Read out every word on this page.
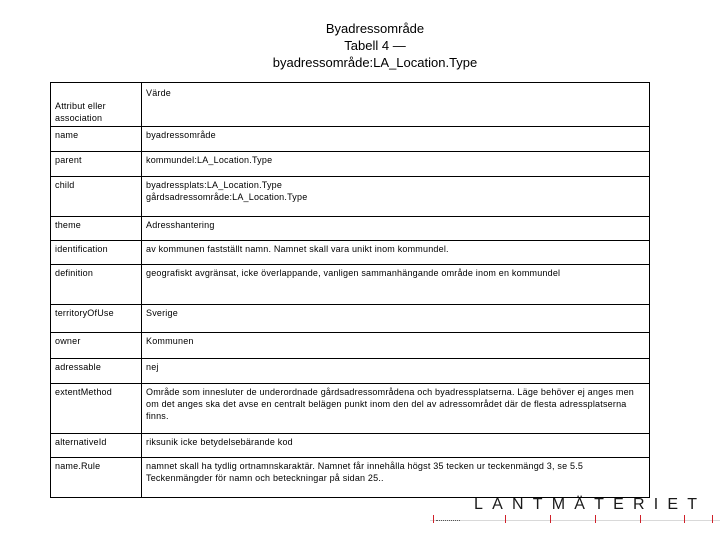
Byadressområde
Tabell 4 —
byadressområde:LA_Location.Type
Attribut eller association	Värde
name	byadressområde
parent	kommundel:LA_Location.Type
child	byadressplats:LA_Location.Type
gårdsadressområde:LA_Location.Type

theme	Adresshantering
identification	av kommunen fastställt namn. Namnet skall vara unikt inom kommundel.
definition	geografiskt avgränsat, icke överlappande, vanligen sammanhängande område inom en kommundel
territoryOfUse	Sverige
owner	Kommunen
adressable	nej
extentMethod	Område som innesluter de underordnade gårdsadressområdena och byadressplatserna. Läge behöver ej anges men om det anges ska det avse en centralt belägen punkt inom den del av adressområdet där de flesta adressplatserna finns.
alternativeId	riksunik icke betydelsebärande kod
name.Rule	namnet skall ha tydlig ortnamnskaraktär. Namnet får innehålla högst 35 tecken ur teckenmängd 3, se 5.5 Teckenmängder för namn och beteckningar på sidan 25..
LANTMÄTERIET
